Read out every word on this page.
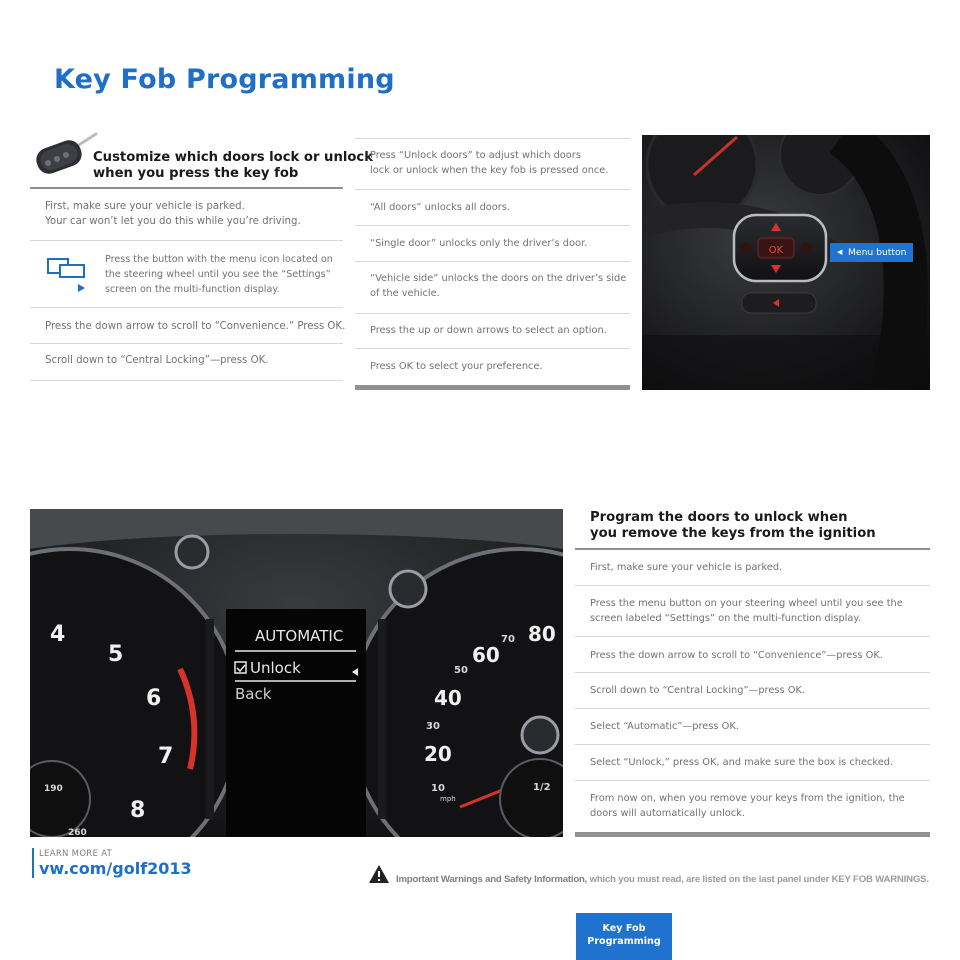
Key Fob Programming
Customize which doors lock or unlock
when you press the key fob
First, make sure your vehicle is parked.
Your car won’t let you do this while you’re driving.
Press the button with the menu icon located on
the steering wheel until you see the “Settings”
screen on the multi-function display.
Press the down arrow to scroll to “Convenience.” Press OK.
Scroll down to “Central Locking”—press OK.
Press “Unlock doors” to adjust which doors
lock or unlock when the key fob is pressed once.
“All doors” unlocks all doors.
“Single door” unlocks only the driver’s door.
“Vehicle side” unlocks the doors on the driver’s side
of the vehicle.
Press the up or down arrows to select an option.
Press OK to select your preference.
OK	◀ Menu button
4
5
6
7
8
190
260
AUTOMATIC
Unlock
Back
80
70
60
50
40
30
20
10
mph
1/2
Program the doors to unlock when
you remove the keys from the ignition
First, make sure your vehicle is parked.
Press the menu button on your steering wheel until you see the
screen labeled “Settings” on the multi-function display.
Press the down arrow to scroll to “Convenience”—press OK.
Scroll down to “Central Locking”—press OK.
Select “Automatic”—press OK.
Select “Unlock,” press OK, and make sure the box is checked.
From now on, when you remove your keys from the ignition, the
doors will automatically unlock.
LEARN MORE AT
vw.com/golf2013
Important Warnings and Safety Information, which you must read, are listed on the last panel under KEY FOB WARNINGS.
Key Fob
Programming
